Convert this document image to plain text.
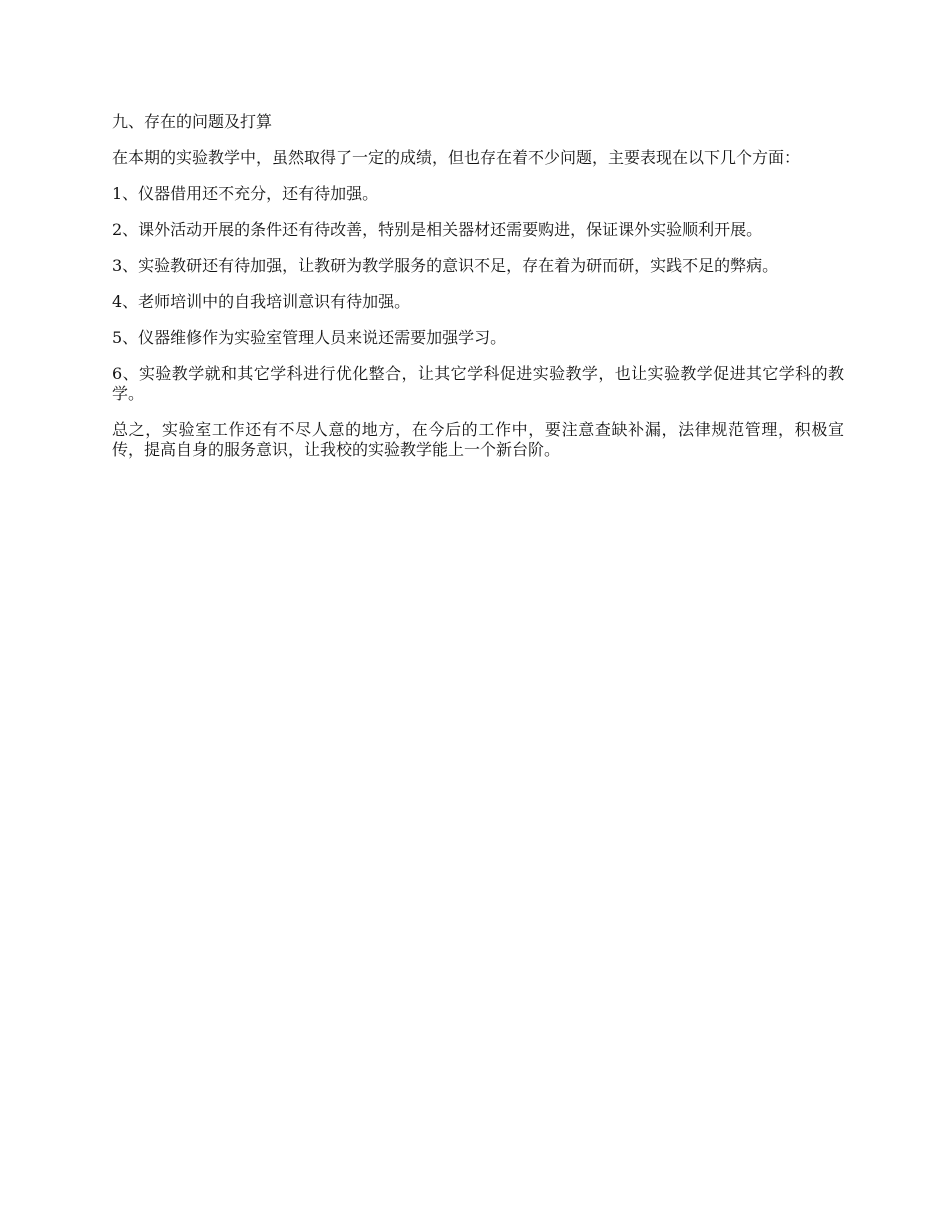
九、存在的问题及打算

在本期的实验教学中，虽然取得了一定的成绩，但也存在着不少问题，主要表现在以下几个方面：

1、仪器借用还不充分，还有待加强。

2、课外活动开展的条件还有待改善，特别是相关器材还需要购进，保证课外实验顺利开展。

3、实验教研还有待加强，让教研为教学服务的意识不足，存在着为研而研，实践不足的弊病。

4、老师培训中的自我培训意识有待加强。

5、仪器维修作为实验室管理人员来说还需要加强学习。

6、实验教学就和其它学科进行优化整合，让其它学科促进实验教学，也让实验教学促进其它学科的教学。

总之，实验室工作还有不尽人意的地方，在今后的工作中，要注意查缺补漏，法律规范管理，积极宣传，提高自身的服务意识，让我校的实验教学能上一个新台阶。
